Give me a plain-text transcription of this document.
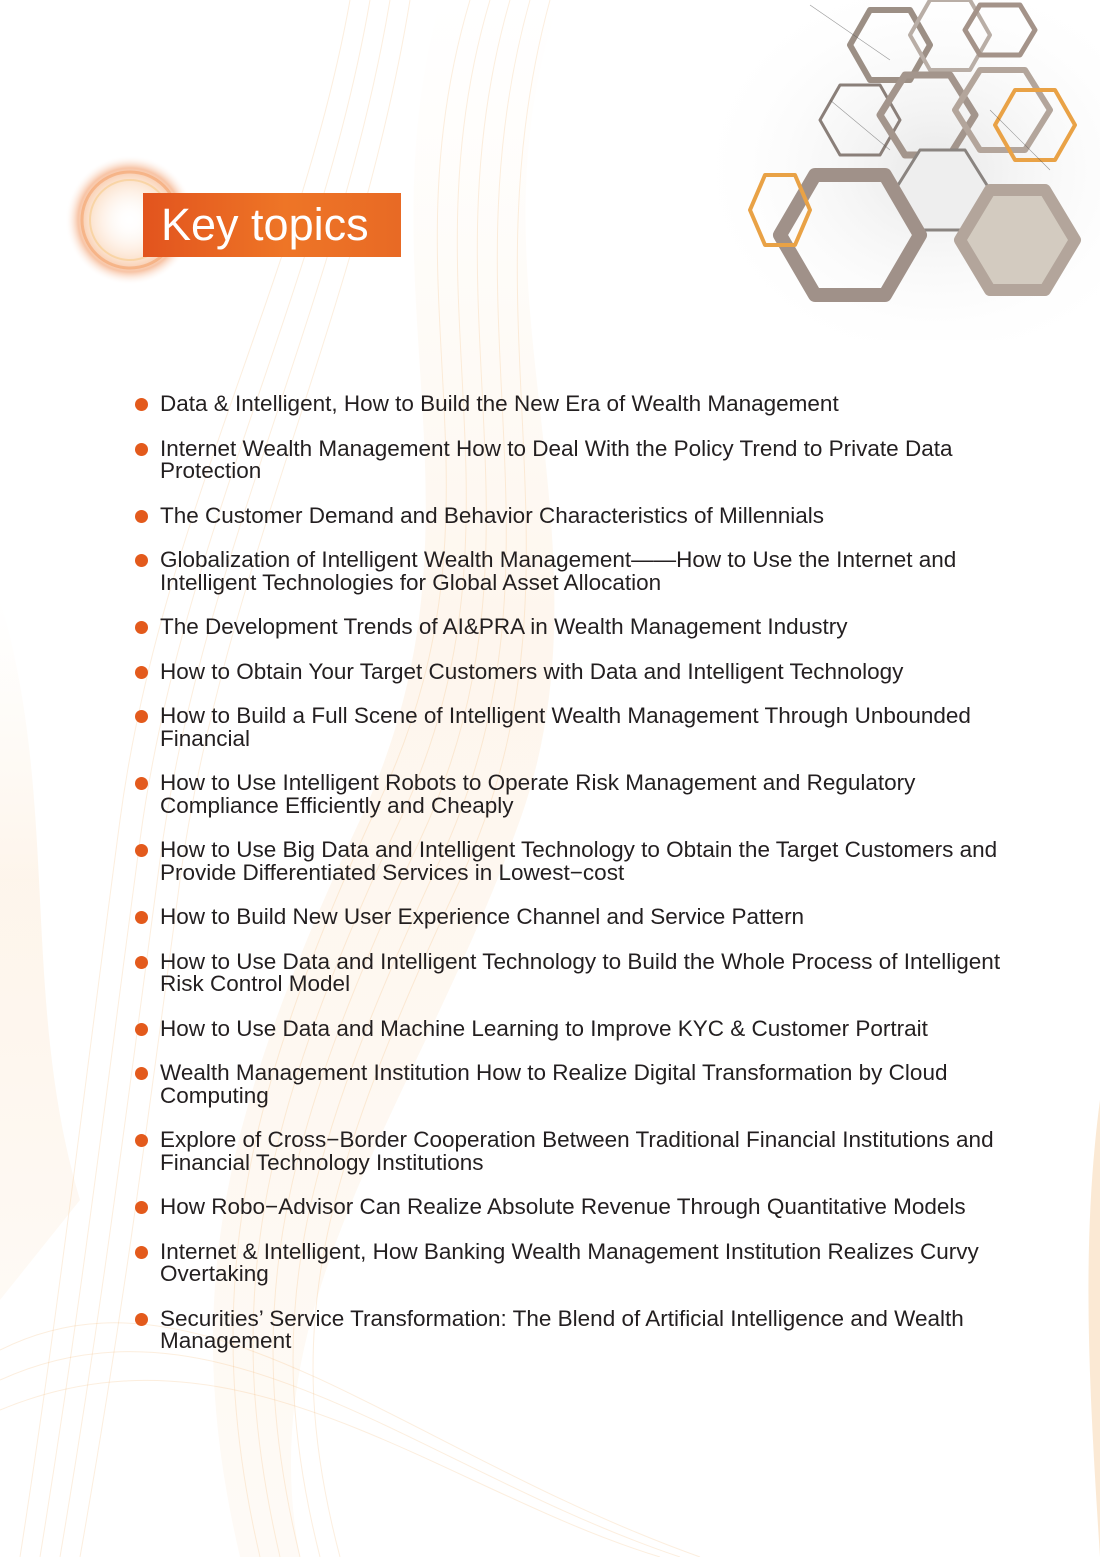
Key topics
Data & Intelligent, How to Build the New Era of Wealth Management
Internet Wealth Management How to Deal With the Policy Trend to Private Data Protection
The Customer Demand and Behavior Characteristics of Millennials
Globalization of Intelligent Wealth Management——How to Use the Internet and Intelligent Technologies for Global Asset Allocation
The Development Trends of AI&PRA in Wealth Management Industry
How to Obtain Your Target Customers with Data and Intelligent Technology
How to Build a Full Scene of Intelligent Wealth Management Through Unbounded Financial
How to Use Intelligent Robots to Operate Risk Management and Regulatory Compliance Efficiently and Cheaply
How to Use Big Data and Intelligent Technology to Obtain the Target Customers and Provide Differentiated Services in Lowest−cost
How to Build New User Experience Channel and Service Pattern
How to Use Data and Intelligent Technology to Build the Whole Process of Intelligent Risk Control Model
How to Use Data and Machine Learning to Improve KYC & Customer Portrait
Wealth Management Institution How to Realize Digital Transformation by Cloud Computing
Explore of Cross−Border Cooperation Between Traditional Financial Institutions and Financial Technology Institutions
How Robo−Advisor Can Realize Absolute Revenue Through Quantitative Models
Internet & Intelligent, How Banking Wealth Management Institution Realizes Curvy Overtaking
Securities’ Service Transformation: The Blend of Artificial Intelligence and Wealth Management
